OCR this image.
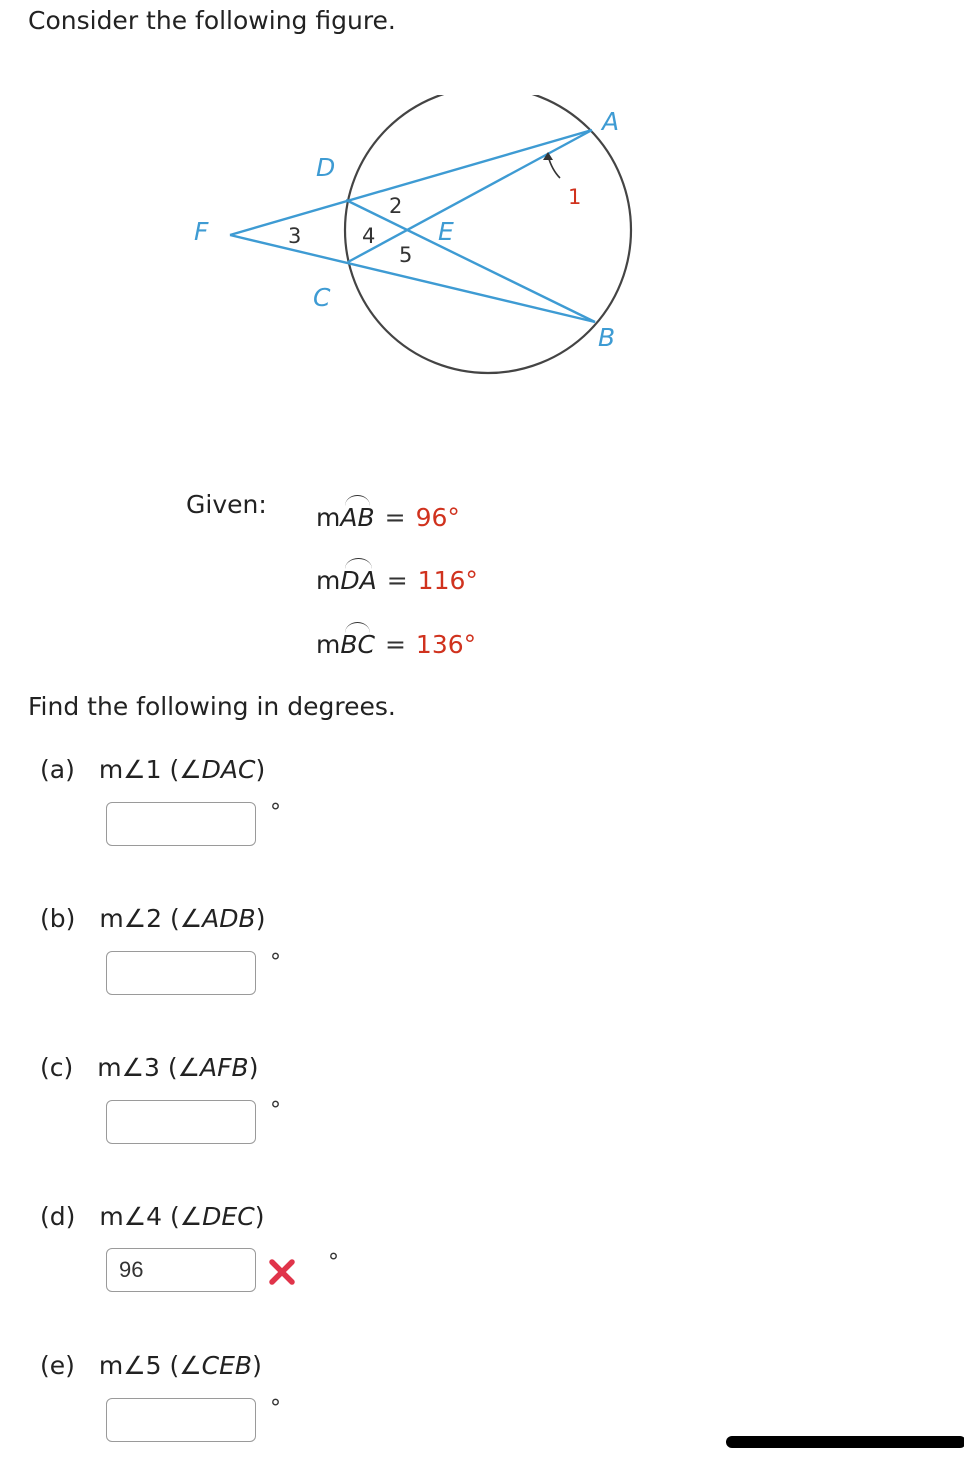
Consider the following figure.
A
B
C
D
E
F
1
2
3	4
5
Given: mAB = 96°
mDA = 116°
mBC = 136°
Find the following in degrees.
(a) m∠1 (∠DAC)
°
(b) m∠2 (∠ADB)
°
(c) m∠3 (∠AFB)
°
(d) m∠4 (∠DEC)
96
°
(e) m∠5 (∠CEB)
°
